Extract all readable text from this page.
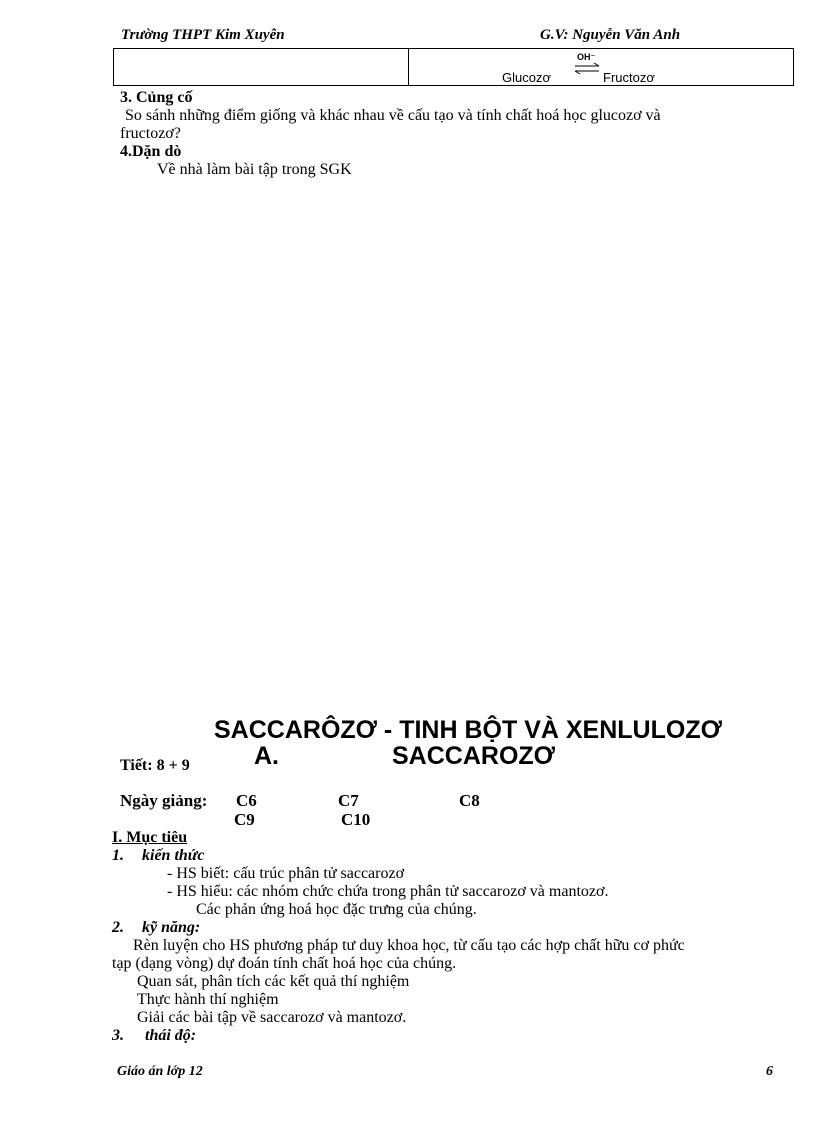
Trường THPT Kim Xuyên	G.V: Nguyễn Văn Anh
Glucozơ
OH⁻
Fructozơ
3. Củng cố
So sánh những điểm giống và khác nhau về cấu tạo và tính chất hoá học glucozơ và
fructozơ?
4.Dặn dò
Về nhà làm bài tập trong SGK
SACCARÔZƠ - TINH BỘT VÀ XENLULOZƠ
A.	SACCAROZƠ
Tiết: 8 + 9
Ngày giảng: C6	C7	C8
C9	C10
I. Mục tiêu
1. kiến thức
- HS biết: cấu trúc phân tử saccarozơ
- HS hiểu: các nhóm chức chứa trong phân tử saccarozơ và mantozơ.
Các phản ứng hoá học đặc trưng của chúng.
2. kỹ năng:
Rèn luyện cho HS phương pháp tư duy khoa học, từ cấu tạo các hợp chất hữu cơ phức
tạp (dạng vòng) dự đoán tính chất hoá học của chúng.
Quan sát, phân tích các kết quả thí nghiệm
Thực hành thí nghiệm
Giải các bài tập về saccarozơ và mantozơ.
3. thái độ:
Giáo án lớp 12	6
